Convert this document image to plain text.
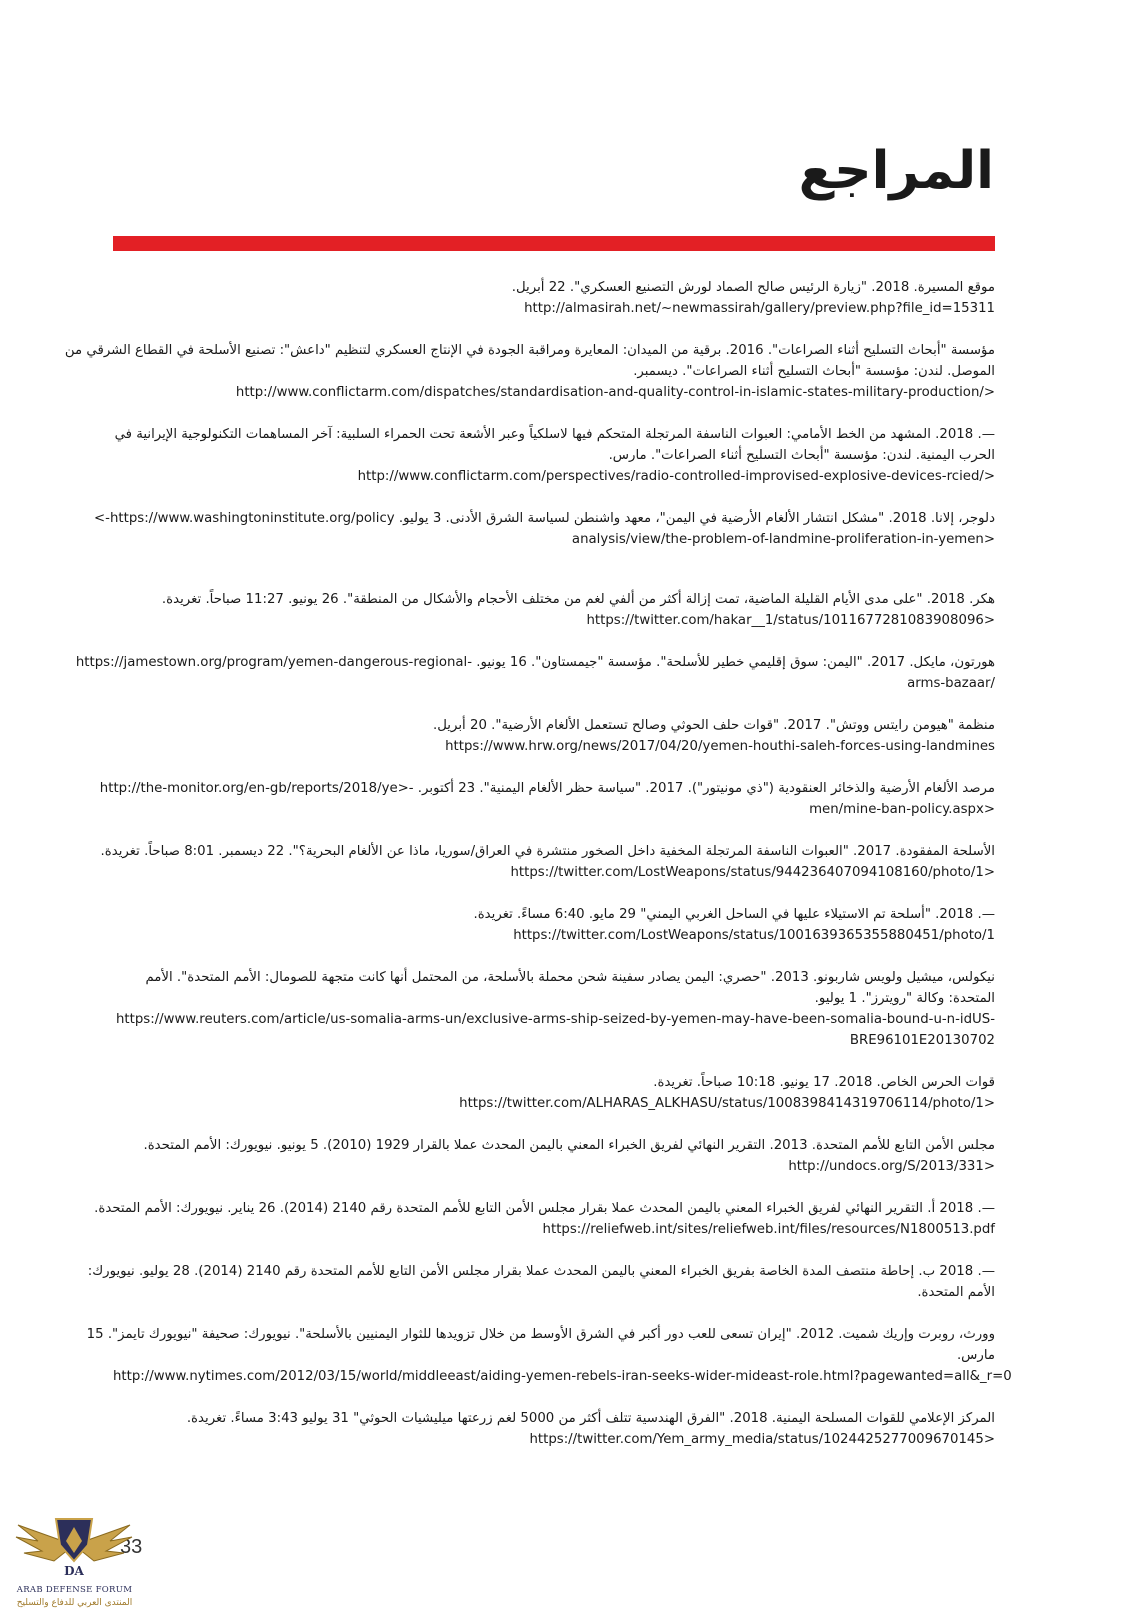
المراجع
موقع المسيرة. 2018. "زيارة الرئيس صالح الصماد لورش التصنيع العسكري". 22 أبريل.
http://almasirah.net/~newmassirah/gallery/preview.php?file_id=15311
مؤسسة "أبحاث التسليح أثناء الصراعات". 2016. برقية من الميدان: المعايرة ومراقبة الجودة في الإنتاج العسكري لتنظيم "داعش": تصنيع الأسلحة في القطاع الشرقي من
الموصل. لندن: مؤسسة "أبحاث التسليح أثناء الصراعات". ديسمبر.
http://www.conflictarm.com/dispatches/standardisation-and-quality-control-in-islamic-states-military-production/>
—. 2018. المشهد من الخط الأمامي: العبوات الناسفة المرتجلة المتحكم فيها لاسلكياً وعبر الأشعة تحت الحمراء السلبية: آخر المساهمات التكنولوجية الإيرانية في
الحرب اليمنية. لندن: مؤسسة "أبحاث التسليح أثناء الصراعات". مارس.
http://www.conflictarm.com/perspectives/radio-controlled-improvised-explosive-devices-rcied/>
دلوجر، إلانا. 2018. "مشكل انتشار الألغام الأرضية في اليمن"، معهد واشنطن لسياسة الشرق الأدنى. 3 يوليو. https://www.washingtoninstitute.org/policy->
analysis/view/the-problem-of-landmine-proliferation-in-yemen>
هكر. 2018. "على مدى الأيام القليلة الماضية، تمت إزالة أكثر من ألفي لغم من مختلف الأحجام والأشكال من المنطقة". 26 يونيو. 11:27 صباحاً. تغريدة.
https://twitter.com/hakar__1/status/1011677281083908096>
هورتون، مايكل. 2017. "اليمن: سوق إقليمي خطير للأسلحة". مؤسسة "جيمستاون". 16 يونيو. -https://jamestown.org/program/yemen-dangerous-regional
arms-bazaar/
منظمة "هيومن رايتس ووتش". 2017. "قوات حلف الحوثي وصالح تستعمل الألغام الأرضية". 20 أبريل.
https://www.hrw.org/news/2017/04/20/yemen-houthi-saleh-forces-using-landmines
مرصد الألغام الأرضية والذخائر العنقودية ("ذي مونيتور"). 2017. "سياسة حظر الألغام اليمنية". 23 أكتوبر. -<http://the-monitor.org/en-gb/reports/2018/ye
men/mine-ban-policy.aspx>
الأسلحة المفقودة. 2017. "العبوات الناسفة المرتجلة المخفية داخل الصخور منتشرة في العراق/سوريا، ماذا عن الألغام البحرية؟". 22 ديسمبر. 8:01 صباحاً. تغريدة.
https://twitter.com/LostWeapons/status/944236407094108160/photo/1>
—. 2018. "أسلحة تم الاستيلاء عليها في الساحل الغربي اليمني" 29 مايو. 6:40 مساءً. تغريدة.
https://twitter.com/LostWeapons/status/1001639365355880451/photo/1
نيكولس، ميشيل ولويس شاربونو. 2013. "حصري: اليمن يصادر سفينة شحن محملة بالأسلحة، من المحتمل أنها كانت متجهة للصومال: الأمم المتحدة". الأمم
المتحدة: وكالة "رويترز". 1 يوليو.
https://www.reuters.com/article/us-somalia-arms-un/exclusive-arms-ship-seized-by-yemen-may-have-been-somalia-bound-u-n-idUS-
BRE96101E20130702
قوات الحرس الخاص. 2018. 17 يونيو. 10:18 صباحاً. تغريدة.
https://twitter.com/ALHARAS_ALKHASU/status/1008398414319706114/photo/1>
مجلس الأمن التابع للأمم المتحدة. 2013. التقرير النهائي لفريق الخبراء المعني باليمن المحدث عملا بالقرار 1929 (2010). 5 يونيو. نيويورك: الأمم المتحدة.
http://undocs.org/S/2013/331>
—. 2018 أ. التقرير النهائي لفريق الخبراء المعني باليمن المحدث عملا بقرار مجلس الأمن التابع للأمم المتحدة رقم 2140 (2014). 26 يناير. نيويورك: الأمم المتحدة.
https://reliefweb.int/sites/reliefweb.int/files/resources/N1800513.pdf
—. 2018 ب. إحاطة منتصف المدة الخاصة بفريق الخبراء المعني باليمن المحدث عملا بقرار مجلس الأمن التابع للأمم المتحدة رقم 2140 (2014). 28 يوليو. نيويورك:
الأمم المتحدة.
وورث، روبرت وإريك شميت. 2012. "إيران تسعى للعب دور أكبر في الشرق الأوسط من خلال تزويدها للثوار اليمنيين بالأسلحة". نيويورك: صحيفة "نيويورك تايمز". 15
مارس.
http://www.nytimes.com/2012/03/15/world/middleeast/aiding-yemen-rebels-iran-seeks-wider-mideast-role.html?pagewanted=all&_r=0
المركز الإعلامي للقوات المسلحة اليمنية. 2018. "الفرق الهندسية تتلف أكثر من 5000 لغم زرعتها ميليشيات الحوثي" 31 يوليو 3:43 مساءً. تغريدة.
https://twitter.com/Yem_army_media/status/1024425277009670145>
33
DA
ARAB DEFENSE FORUM
المنتدى العربي للدفاع والتسليح
